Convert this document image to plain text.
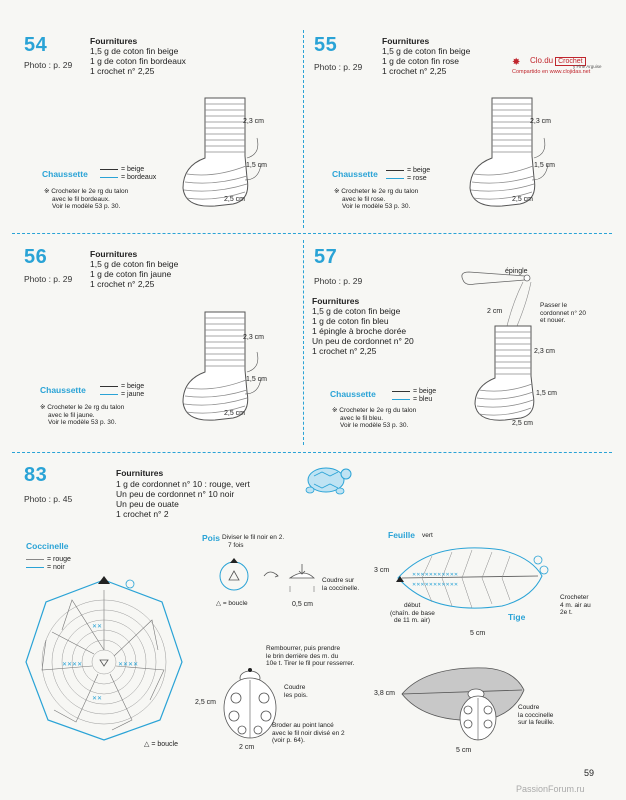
Clo.du Crochet
✸	y Fine Arguise
Compartido en www.clojidas.net
54
Photo : p. 29
Fournitures
1,5 g de coton fin beige
1 g de coton fin bordeaux
1 crochet n° 2,25
Chaussette	= beige
= bordeaux
※ Crocheter le 2e rg du talon
avec le fil bordeaux.
Voir le modèle 53 p. 30.
2,3 cm
1,5 cm
2,5 cm
55
Photo : p. 29
Fournitures
1,5 g de coton fin beige
1 g de coton fin rose
1 crochet n° 2,25
Chaussette	= beige
= rose
※ Crocheter le 2e rg du talon
avec le fil rose.
Voir le modèle 53 p. 30.
2,3 cm
1,5 cm
2,5 cm
56
Photo : p. 29
Fournitures
1,5 g de coton fin beige
1 g de coton fin jaune
1 crochet n° 2,25
Chaussette	= beige
= jaune
※ Crocheter le 2e rg du talon
avec le fil jaune.
Voir le modèle 53 p. 30.
2,3 cm
1,5 cm
2,5 cm
57
Photo : p. 29
Fournitures
1,5 g de coton fin beige
1 g de coton fin bleu
1 épingle à broche dorée
Un peu de cordonnet n° 20
1 crochet n° 2,25
Chaussette	= beige
= bleu
※ Crocheter le 2e rg du talon
avec le fil bleu.
Voir le modèle 53 p. 30.
épingle
2 cm
Passer le
cordonnet n° 20
et nouer.
2,3 cm
1,5 cm
2,5 cm
83
Photo : p. 45
Fournitures
1 g de cordonnet n° 10 : rouge, vert
Un peu de cordonnet n° 10 noir
Un peu de ouate
1 crochet n° 2
Coccinelle
= rouge
= noir
✕✕✕✕	✕✕✕✕
✕✕
✕✕
△ = boucle
Pois Diviser le fil noir en 2.
7 fois
△ = boucle
Coudre sur
la coccinelle.
0,5 cm
Feuille vert
✕✕✕✕✕✕✕✕✕✕✕
✕✕✕✕✕✕✕✕✕✕✕
3 cm
début
(chaîn. de base
de 11 m. air)	Tige
Crocheter
4 m. air au
2e t.
5 cm
Rembourrer, puis prendre
le brin derrière des m. du
10e t. Tirer le fil pour resserrer.
Coudre
les pois.
Broder au point lancé
avec le fil noir divisé en 2
(voir p. 64).
2,5 cm
2 cm
3,8 cm
Coudre
la coccinelle
sur la feuille.
5 cm
59
PassionForum.ru
